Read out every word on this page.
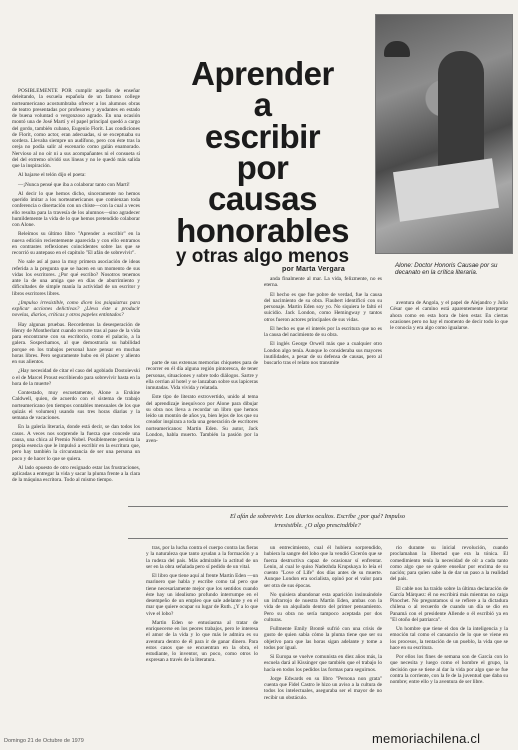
Aprender
a
escribir
por
causas
honorables
y otras algo menos
por Marta Vergara
Alone: Doctor Honoris Causae por su decanato en la crítica literaria.

POSIBLEMENTE POR cumplir aquello de enseñar deleitando, la escuela española de un famoso college norteamericano acostumbraba ofrecer a los alumnos obras de teatro presentadas por profesores y ayudantes en estado de buena voluntad o vergonzoso agrado. En una ocasión montó una de José Martí y el papel principal quedó a cargo del gordo, también cubano, Eugenio Florit. Las condiciones de Florit, como actor, eran adecuadas, si se exceptuaba su sordera. Llevaba siempre un audífono, pero con éste tras la oreja no podía salir al escenario como galán enamorado. Nervioso al no oír ni a sus acompañantes ni el consueta sí del del extremo olvidó sus líneas y no le quedó más salida que la inspiración.

Al bajarse el telón dijo el poeta:

—¡Nunca pensé que iba a colaborar tanto con Martí!

Al decir lo que hemos dicho, sinceramente no hemos querido imitar a los norteamericanos que comienzan toda conferencia o disertación con un chiste—con la cual a veces ello resulta para la travesía de los alumnos—sino agradecer humildemente la vida de lo que hemos pretendido colaborar con Alone.

Releímos su último libro "Aprender a escribir" en la nueva edición recientemente aparecida y con ello entramos en contrastes reflexiones coincidentes sobre las que se recorrió su antepaso en el capítulo "El afán de sobrevivir".

No sale así al paso la muy primera asociación de ideas referida a la pregunta que se hacen en un momento de sus vidas los escritores. ¿Por qué escribo? Nosotros tenemos ante la de una amiga que en días de aburrimiento y dificultades de simple manía la actividad de un escritor y libros escritores libres.

¿Impulso irresistible, como dicen los psiquiatras para explicar acciones delictivas? ¿Lleva éste a producir novelas, diarios, críticas y otros papeles entintados?

Hay algunas pruebas. Recordemos la desesperación de Henry de Montherlant cuando recurre tras al pase de la vida para encontrarse con su escritorio, como el palacio, a la galera. Sospechamos, al que demostraría su habilidad porque en los trabajos personal hace pensar en muchas horas libres. Pero seguramente hubo en él placer y aliento en sus alientos.

¿Hay necesidad de citar el caso del agobiado Dostoievski o el de Marcel Proust escribiendo para sobrevivir hasta en la hora de la muerte?

Contestado, muy escuetamente, Alone a Erskine Caldwell, quien, de acuerdo con el sistema de trabajo norteamericano (en tiempos contables mensuales de los que quizás el volumen) usando sus tres horas diarias y la semana de vacaciones.

En la galería literaria, donde está decir, se dan todos los casos. A veces nos sorprende la fuerza que concede una causa, una chica al Premio Nobel. Posiblemente persista la propia esencia que le impulsó a escribir en la escritura que, pero hay también la circunstancia de ser una persona un poco y de hacer lo que se quiera.

Al lado opuesto de otro resignado estar las frustraciones, aplicadas a entregar la vida y sacar la pluma frente a la clara de la máquina escritora. Todo al mismo tiempo.

parte de sus extensas memorias chiquetes para de recorrer en él día alguna región pintoresca, de tener personas, situaciones y sobre todo diálogos. Sartre y ella cerrian al hotel y se lanzaban sobre sus lapiceras inmutadas. Vida vivida y relatada.

Este tipo de literato extrovertido, unido al tema del aprendizaje inequívoco por Alone para dibujar su obra nos lleva a recordar un libro que hemos leído un montón de años ya, bien lejos de los que su creador inspirara a toda una generación de escritores norteamericanos: Martin Eden. Su autor, Jack London, habla muerto. También la pasión por la aven-

anda finalmente al mar. La vida, felizmente, no es eterna.

El hecho es que fue pobre de verdad, fue la causa del nacimiento de su obra. Flaubert identificó con su personaje. Martin Eden soy yo. No siquiera le faltó el suicidio. Jack London, como Hemingway y tantos otros fueron actores principales de sus vidas.

El hecho es que el interés por la escritura que no es la causa del nacimiento de su obra.

El inglés George Orwell más que a cualquier otro London algo tenía. Aunque lo consideraba sus mayores inutilidades, a pesar de su defensa de causas, pero al buscarlo tras el relato nos transmite

aventura de Angola, y el papel de Alejandro y Julio César que el camino está aparentemente interpretar ahora como en esta hora de bien estar. En ciertas ocasiones pero no hay el momento de decir todo lo que le conocía y era algo como igualarse.

El afán de sobrevivir. Los diarios ocultos. Escribe ¿por qué? Impulso
irresistible. ¿O algo prescindible?

tras, por la lucha contra el cuerpo contra las fieras y la naturaleza que tanto ayudan a la formación y a la rudeza del país. Más admirable la actitud de un ser en la obra señalada pero sí pedido de un vital.

El libro que tiene aquí al frente Martin Eden —un marinero que habla y escribe como tal pero que tiene necesariamente mejor que los sentidos cuando éste hay un idealismo profundo interrumpe en el desempeño de un empleo que sale adelante y en el mar que quiere ocupar su lugar de Ruth. ¿Y a lo que vive el lobo?

Martin Eden se entusiasma al tratar de enriquecerse en los peores trabajos, pero le interesa el amor de la vida y lo que más le admira es su aventura dentro de él para ir de ganar dinero. Para estos casos que se encuentran en la obra, el estudiante, lo inventor, un poco, como otros lo expresan a través de la literatura.

un entrecimiento, cual él hubiera sorprendido, hubiera la sangre del lobo que la vendió Cicerón que se fuerza destructiva capaz de ocasionar sí enfrentar. Lenin, al cual le quiso Nadezhda Krupskaya lo leía el cuento "Love of Life" dos días antes de su muerte. Aunque London era socialista, opinó por el valor para ser otra de sus épocas.

No quisiera abandonar esta aparición insinuándole un infrarrojo de nuestra Martín Eden, ambas con la vida de un alquilado dentro del primer pensamiento. Pero su obra no sería tampoco aceptada por dos culturas.

Fullmente Emily Brontë sufrió con una crisis de gusto de quien sabía cómo la pluma tiene que ser su objetivo para que las horas sigan adelante y tome a todos por igual.

Si Europa se vuelve comunista en diez años más, la escuela dará al Kissinger que también que el trabajo lo hacía en todos los pedidos las formas para seguirnos.

Jorge Edwards en su libro "Persona non grata" cuenta que Fidel Castro le hizo un aviso a la cultura de todos los intelectuales, aseguraba ser el mayor de no recibir un obstáculo.

rio durante su inicial revolución, cuando proclamaban la libertad que era la tónica. El comedimiento tenía la necesidad de oír a cada tanto como algo que se quiere enseñar por encima de su nación; para quien sabe la de dar un paso a la realidad del país.

El cable nos ha traído sobre la última declaración de García Márquez: él no escribirá más mientras no caiga Pinochet. No preguntamos si se refiere a la dictadura chilena o al recuerdo de cuando un día se dio en Panamá con el presidente Allende o él escribió ya en "El otoño del patriarca".

Un hombre que tiene el don de la inteligencia y la emoción tal como el cansancio de lo que se viene en los procesos, la tentación de un pueblo, la vida que se hace en su escritura.

Por ellos los fines de semana son de García con lo que necesita y luego como el hombre el grupo, la decisión que se tiene al dar la vida por algo que se fue contra la corriente, con la fe de la juventud que daba su nombre; entre ello y la aventura de ser libre.

Domingo 21 de Octubre de 1979	memoriachilena.cl
